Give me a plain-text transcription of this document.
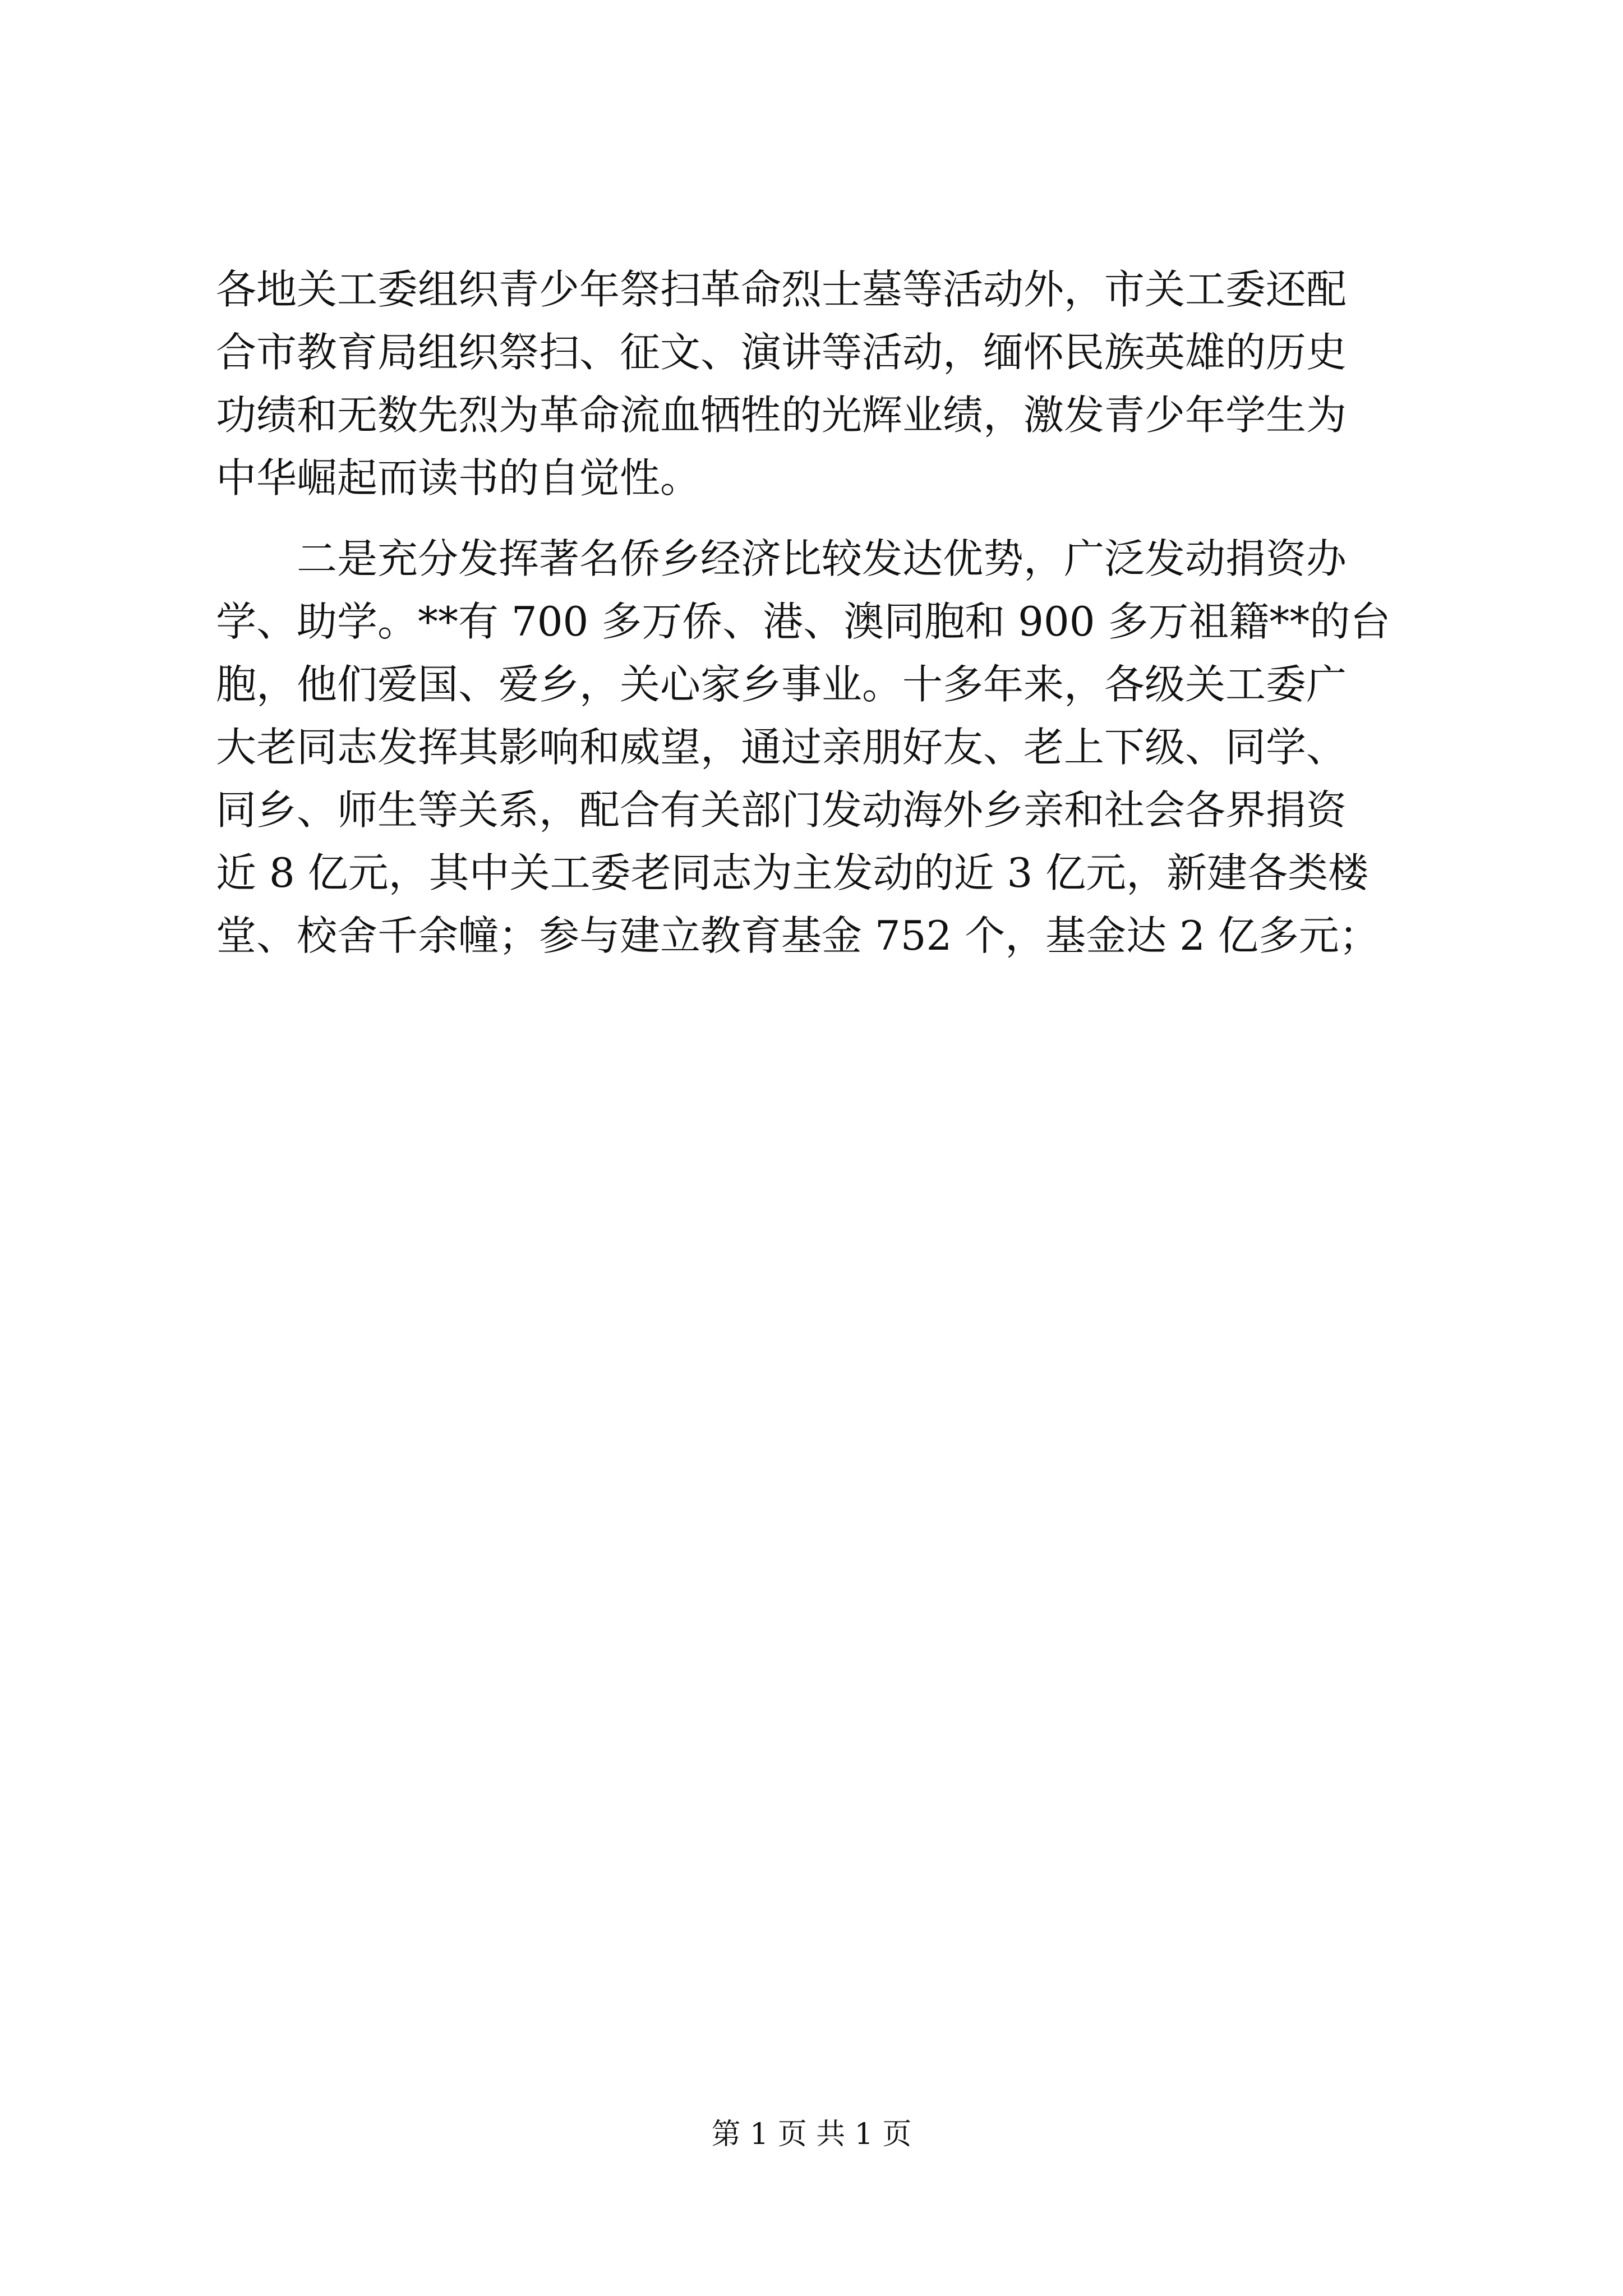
各地关工委组织青少年祭扫革命烈士墓等活动外，市关工委还配
合市教育局组织祭扫、征文、演讲等活动，缅怀民族英雄的历史
功绩和无数先烈为革命流血牺牲的光辉业绩，激发青少年学生为
中华崛起而读书的自觉性。
二是充分发挥著名侨乡经济比较发达优势，广泛发动捐资办
学、助学。**有 700 多万侨、港、澳同胞和 900 多万祖籍**的台
胞，他们爱国、爱乡，关心家乡事业。十多年来，各级关工委广
大老同志发挥其影响和威望，通过亲朋好友、老上下级、同学、
同乡、师生等关系，配合有关部门发动海外乡亲和社会各界捐资
近 8 亿元，其中关工委老同志为主发动的近 3 亿元，新建各类楼
堂、校舍千余幢；参与建立教育基金 752 个，基金达 2 亿多元；
第 1 页 共 1 页
